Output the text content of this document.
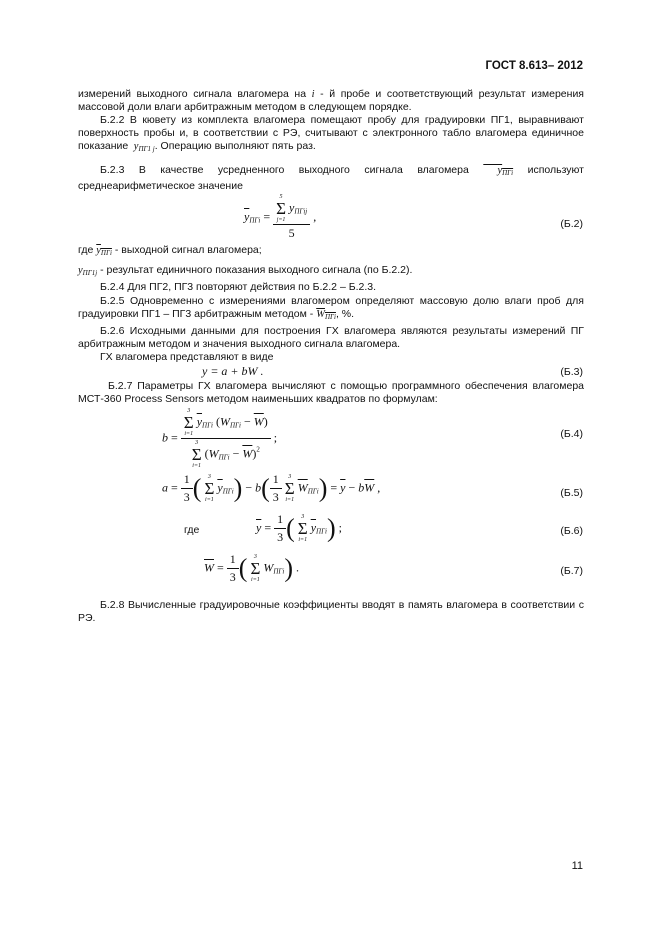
ГОСТ 8.613– 2012
измерений выходного сигнала влагомера на i - й пробе и соответствующий результат измерения массовой доли влаги арбитражным методом в следующем порядке.
Б.2.2 В кювету из комплекта влагомера помещают пробу для градуировки ПГ1, выравнивают поверхность пробы и, в соответствии с РЭ, считывают с электронного табло влагомера единичное показание  $y_{ПГ1 j}$. Операцию выполняют пять раз.
Б.2.3 В качестве усредненного выходного сигнала влагомера  $y_{ПГi}$ используют среднеарифметическое значение
$\overline{y}_{ПГi} = 5$
Σ
j=1
$y_{ПГij}$
5 ,
(Б.2)
где $y_{ПГi}$ - выходной сигнал влагомера;
$y_{ПГ1j}$ - результат единичного показания выходного сигнала (по Б.2.2).
Б.2.4 Для ПГ2, ПГ3 повторяют действия по Б.2.2 – Б.2.3.
Б.2.5 Одновременно с измерениями влагомером определяют массовую долю влаги проб для градуировки ПГ1 – ПГ3 арбитражным методом - $W_{ПГi}$, %.
Б.2.6 Исходными данными для построения ГХ влагомера являются результаты измерений ПГ арбитражным методом и значения выходного сигнала влагомера.
ГХ влагомера представляют в виде
y = a + bW .	(Б.3)
Б.2.7 Параметры ГХ влагомера вычисляют с помощью программного обеспечения влагомера МСТ-360 Process Sensors методом наименьших квадратов по формулам:
b = 3
Σ
i=1
$\overline{y}_{ПГi}$ $(W_{ПГi} - \overline{W})$
3
Σ
i=1
$(W_{ПГi} - \overline{W})^2$ ;	(Б.4)
$a = \frac{1}{3}$ ( 3
Σ
i=1
$\overline{y}_{ПГi}) - b( \frac{1}{3}$
3
Σ
i=1
$\overline{W}_{ПГi}) = \overline{y} - b\overline{W}$ ,	(Б.5)
где	$\overline{y} = \frac{1}{3}$ ( 3
Σ
i=1
$\overline{y}_{ПГi}$) ;	(Б.6)
$\overline{W} = \frac{1}{3}$ ( 3
Σ
i=1
$W_{ПГi}$) .	(Б.7)
Б.2.8 Вычисленные градуировочные коэффициенты вводят в память влагомера в соответствии с РЭ.
11
